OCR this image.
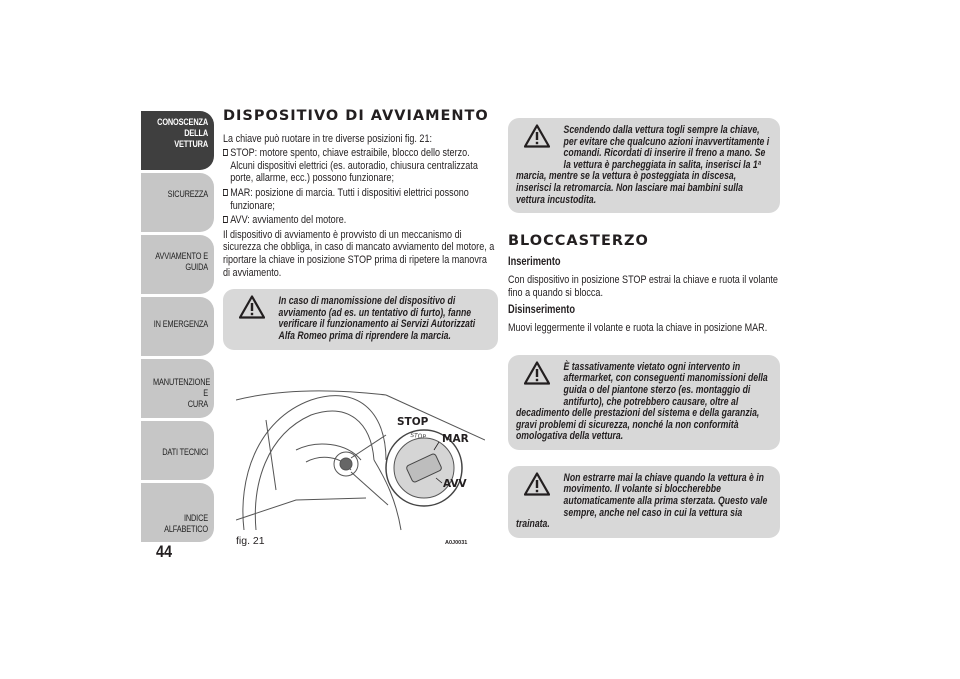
CONOSCENZA
DELLA VETTURA
SICUREZZA
AVVIAMENTO E
GUIDA
IN EMERGENZA
MANUTENZIONE E
CURA
DATI TECNICI
INDICE ALFABETICO
44
DISPOSITIVO DI AVVIAMENTO

La chiave può ruotare in tre diverse posizioni fig. 21:

STOP: motore spento, chiave estraibile, blocco dello sterzo. Alcuni dispositivi elettrici (es. autoradio, chiusura centralizzata porte, allarme, ecc.) possono funzionare;
MAR: posizione di marcia. Tutti i dispositivi elettrici possono funzionare;
AVV: avviamento del motore.

Il dispositivo di avviamento è provvisto di un meccanismo di sicurezza che obbliga, in caso di mancato avviamento del motore, a riportare la chiave in posizione STOP prima di ripetere la manovra di avviamento.

In caso di manomissione del dispositivo di avviamento (ad es. un tentativo di furto), fanne verificare il funzionamento ai Servizi Autorizzati Alfa Romeo prima di riprendere la marcia.
STOP
STOP
MAR
AVV
fig. 21	A0J0031
Scendendo dalla vettura togli sempre la chiave, per evitare che qualcuno azioni inavvertitamente i comandi. Ricordati di inserire il freno a mano. Se la vettura è parcheggiata in salita, inserisci la 1ª marcia, mentre se la vettura è posteggiata in discesa, inserisci la retromarcia. Non lasciare mai bambini sulla vettura incustodita.
BLOCCASTERZO
Inserimento

Con dispositivo in posizione STOP estrai la chiave e ruota il volante fino a quando si blocca.

Disinserimento

Muovi leggermente il volante e ruota la chiave in posizione MAR.

È tassativamente vietato ogni intervento in aftermarket, con conseguenti manomissioni della guida o del piantone sterzo (es. montaggio di antifurto), che potrebbero causare, oltre al decadimento delle prestazioni del sistema e della garanzia, gravi problemi di sicurezza, nonché la non conformità omologativa della vettura.
Non estrarre mai la chiave quando la vettura è in movimento. Il volante si bloccherebbe automaticamente alla prima sterzata. Questo vale sempre, anche nel caso in cui la vettura sia trainata.
